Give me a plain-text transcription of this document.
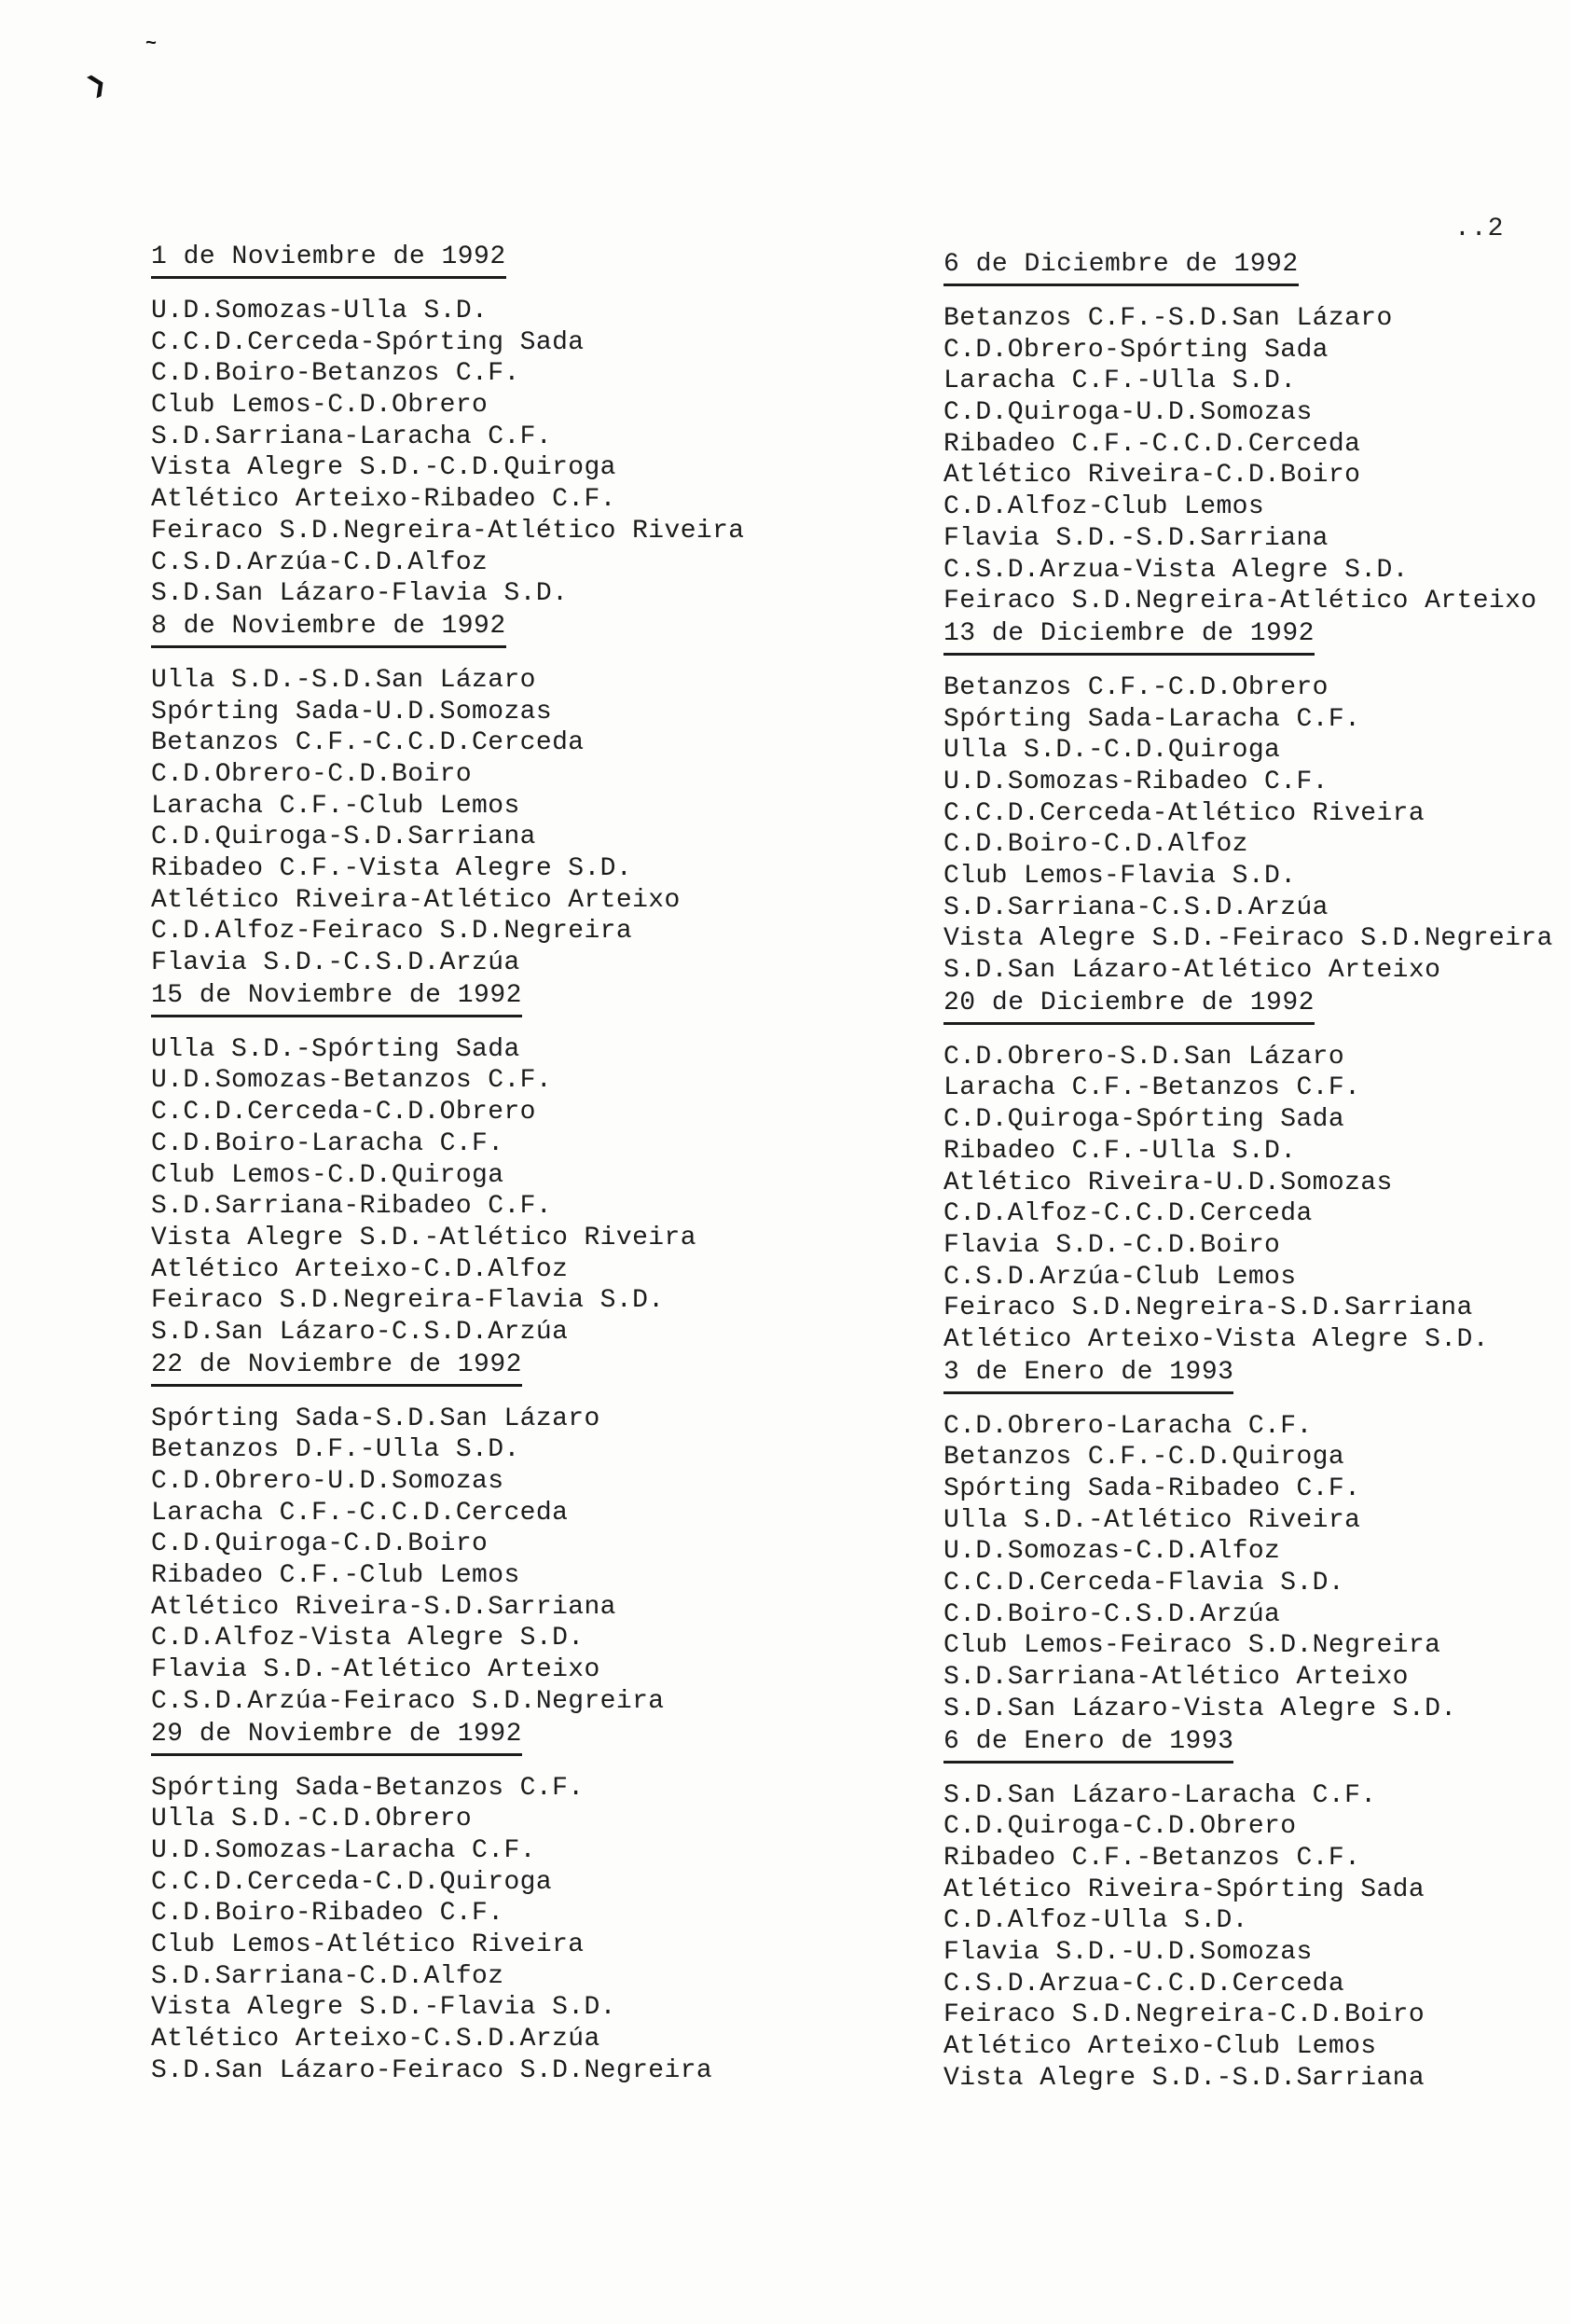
❯
~
..2
1 de Noviembre de 1992
U.D.Somozas-Ulla S.D.
C.C.D.Cerceda-Spórting Sada
C.D.Boiro-Betanzos C.F.
Club Lemos-C.D.Obrero
S.D.Sarriana-Laracha C.F.
Vista Alegre S.D.-C.D.Quiroga
Atlético Arteixo-Ribadeo C.F.
Feiraco S.D.Negreira-Atlético Riveira
C.S.D.Arzúa-C.D.Alfoz
S.D.San Lázaro-Flavia S.D.
8 de Noviembre de 1992
Ulla S.D.-S.D.San Lázaro
Spórting Sada-U.D.Somozas
Betanzos C.F.-C.C.D.Cerceda
C.D.Obrero-C.D.Boiro
Laracha C.F.-Club Lemos
C.D.Quiroga-S.D.Sarriana
Ribadeo C.F.-Vista Alegre S.D.
Atlético Riveira-Atlético Arteixo
C.D.Alfoz-Feiraco S.D.Negreira
Flavia S.D.-C.S.D.Arzúa
15 de Noviembre de 1992
Ulla S.D.-Spórting Sada
U.D.Somozas-Betanzos C.F.
C.C.D.Cerceda-C.D.Obrero
C.D.Boiro-Laracha C.F.
Club Lemos-C.D.Quiroga
S.D.Sarriana-Ribadeo C.F.
Vista Alegre S.D.-Atlético Riveira
Atlético Arteixo-C.D.Alfoz
Feiraco S.D.Negreira-Flavia S.D.
S.D.San Lázaro-C.S.D.Arzúa
22 de Noviembre de 1992
Spórting Sada-S.D.San Lázaro
Betanzos D.F.-Ulla S.D.
C.D.Obrero-U.D.Somozas
Laracha C.F.-C.C.D.Cerceda
C.D.Quiroga-C.D.Boiro
Ribadeo C.F.-Club Lemos
Atlético Riveira-S.D.Sarriana
C.D.Alfoz-Vista Alegre S.D.
Flavia S.D.-Atlético Arteixo
C.S.D.Arzúa-Feiraco S.D.Negreira
29 de Noviembre de 1992
Spórting Sada-Betanzos C.F.
Ulla S.D.-C.D.Obrero
U.D.Somozas-Laracha C.F.
C.C.D.Cerceda-C.D.Quiroga
C.D.Boiro-Ribadeo C.F.
Club Lemos-Atlético Riveira
S.D.Sarriana-C.D.Alfoz
Vista Alegre S.D.-Flavia S.D.
Atlético Arteixo-C.S.D.Arzúa
S.D.San Lázaro-Feiraco S.D.Negreira
6 de Diciembre de 1992
Betanzos C.F.-S.D.San Lázaro
C.D.Obrero-Spórting Sada
Laracha C.F.-Ulla S.D.
C.D.Quiroga-U.D.Somozas
Ribadeo C.F.-C.C.D.Cerceda
Atlético Riveira-C.D.Boiro
C.D.Alfoz-Club Lemos
Flavia S.D.-S.D.Sarriana
C.S.D.Arzua-Vista Alegre S.D.
Feiraco S.D.Negreira-Atlético Arteixo
13 de Diciembre de 1992
Betanzos C.F.-C.D.Obrero
Spórting Sada-Laracha C.F.
Ulla S.D.-C.D.Quiroga
U.D.Somozas-Ribadeo C.F.
C.C.D.Cerceda-Atlético Riveira
C.D.Boiro-C.D.Alfoz
Club Lemos-Flavia S.D.
S.D.Sarriana-C.S.D.Arzúa
Vista Alegre S.D.-Feiraco S.D.Negreira
S.D.San Lázaro-Atlético Arteixo
20 de Diciembre de 1992
C.D.Obrero-S.D.San Lázaro
Laracha C.F.-Betanzos C.F.
C.D.Quiroga-Spórting Sada
Ribadeo C.F.-Ulla S.D.
Atlético Riveira-U.D.Somozas
C.D.Alfoz-C.C.D.Cerceda
Flavia S.D.-C.D.Boiro
C.S.D.Arzúa-Club Lemos
Feiraco S.D.Negreira-S.D.Sarriana
Atlético Arteixo-Vista Alegre S.D.
3 de Enero de 1993
C.D.Obrero-Laracha C.F.
Betanzos C.F.-C.D.Quiroga
Spórting Sada-Ribadeo C.F.
Ulla S.D.-Atlético Riveira
U.D.Somozas-C.D.Alfoz
C.C.D.Cerceda-Flavia S.D.
C.D.Boiro-C.S.D.Arzúa
Club Lemos-Feiraco S.D.Negreira
S.D.Sarriana-Atlético Arteixo
S.D.San Lázaro-Vista Alegre S.D.
6 de Enero de 1993
S.D.San Lázaro-Laracha C.F.
C.D.Quiroga-C.D.Obrero
Ribadeo C.F.-Betanzos C.F.
Atlético Riveira-Spórting Sada
C.D.Alfoz-Ulla S.D.
Flavia S.D.-U.D.Somozas
C.S.D.Arzua-C.C.D.Cerceda
Feiraco S.D.Negreira-C.D.Boiro
Atlético Arteixo-Club Lemos
Vista Alegre S.D.-S.D.Sarriana
